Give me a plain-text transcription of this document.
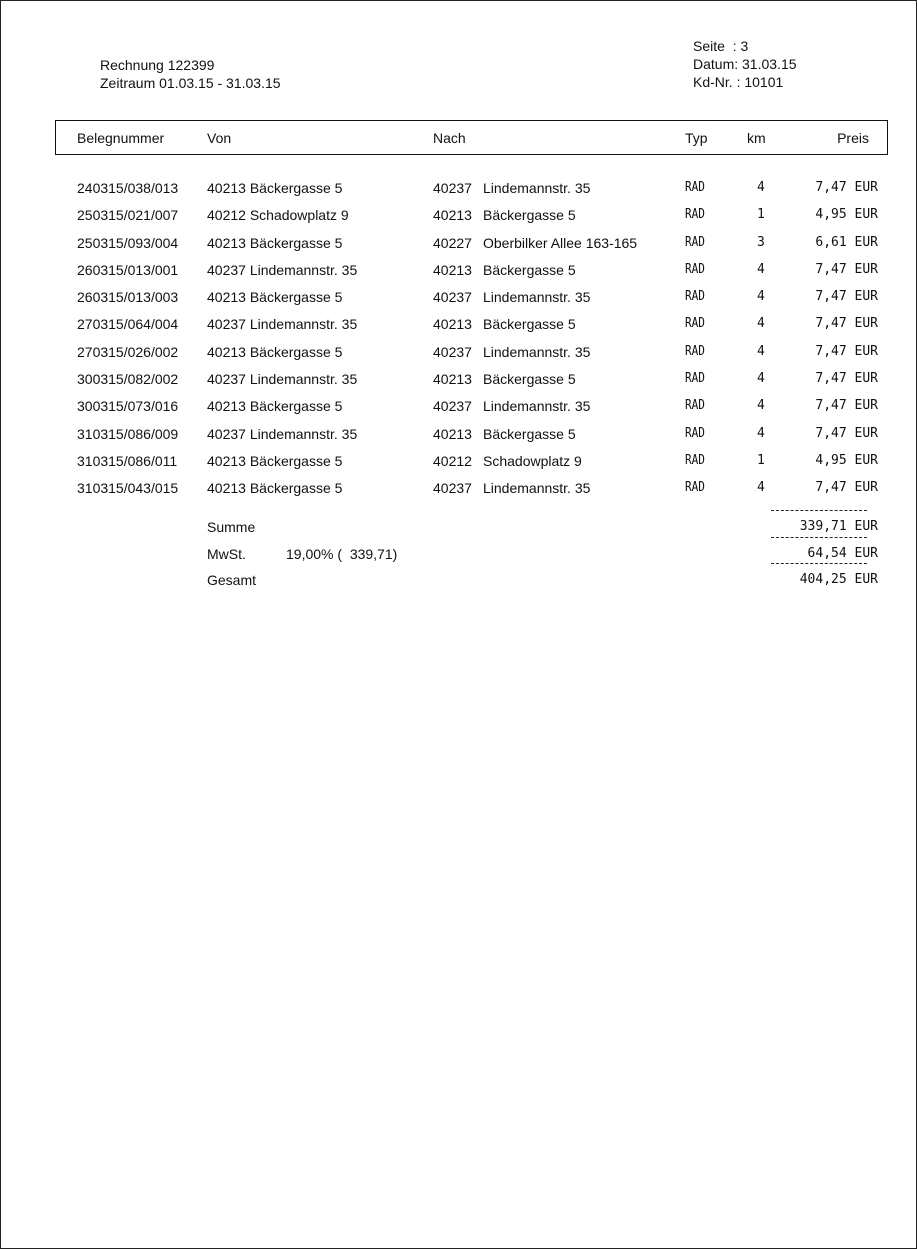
Rechnung 122399
Zeitraum 01.03.15 - 31.03.15
Seite : 3
Datum : 31.03.15
Kd-Nr. : 10101
Belegnummer	Von	Nach	Typ	km	Preis
240315/038/013 40213 Bäckergasse 5	40237 Lindemannstr. 35	RAD	4	7,47 EUR
250315/021/007 40212 Schadowplatz 9	40213 Bäckergasse 5	RAD	1	4,95 EUR
250315/093/004 40213 Bäckergasse 5	40227 Oberbilker Allee 163-165	RAD	3	6,61 EUR
260315/013/001 40237 Lindemannstr. 35	40213 Bäckergasse 5	RAD	4	7,47 EUR
260315/013/003 40213 Bäckergasse 5	40237 Lindemannstr. 35	RAD	4	7,47 EUR
270315/064/004 40237 Lindemannstr. 35	40213 Bäckergasse 5	RAD	4	7,47 EUR
270315/026/002 40213 Bäckergasse 5	40237 Lindemannstr. 35	RAD	4	7,47 EUR
300315/082/002 40237 Lindemannstr. 35	40213 Bäckergasse 5	RAD	4	7,47 EUR
300315/073/016 40213 Bäckergasse 5	40237 Lindemannstr. 35	RAD	4	7,47 EUR
310315/086/009 40237 Lindemannstr. 35	40213 Bäckergasse 5	RAD	4	7,47 EUR
310315/086/011 40213 Bäckergasse 5	40212 Schadowplatz 9	RAD	1	4,95 EUR
310315/043/015 40213 Bäckergasse 5	40237 Lindemannstr. 35	RAD	4	7,47 EUR
Summe	339,71 EUR
MwSt.	19,00% (  339,71)	64,54 EUR
Gesamt	404,25 EUR
